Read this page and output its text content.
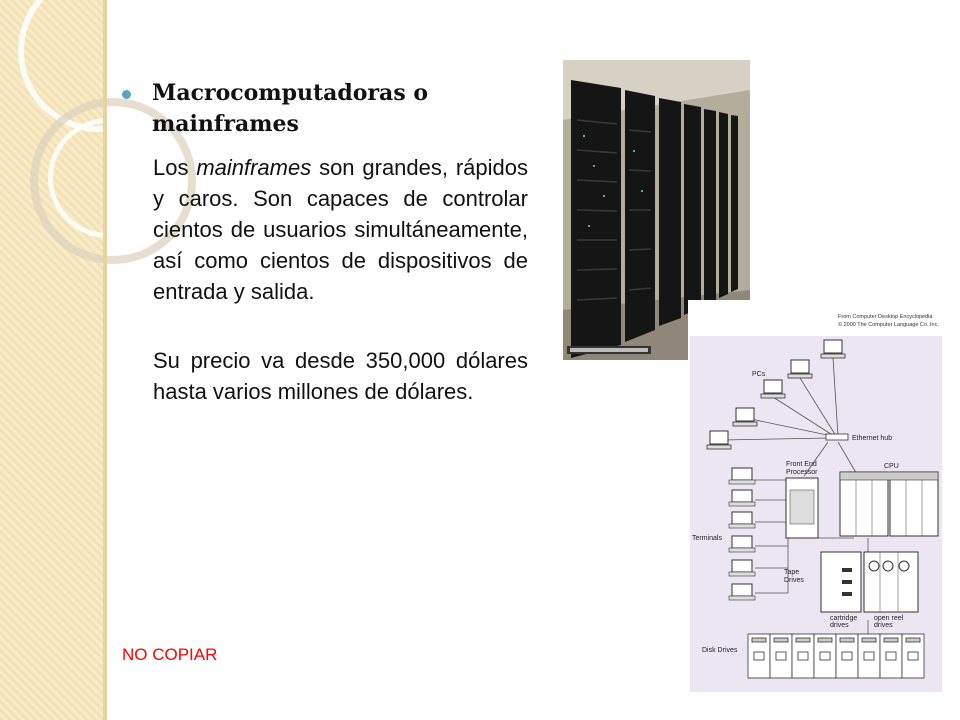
Macrocomputadoras o mainframes
Los mainframes son grandes, rápidos y caros. Son capaces de controlar cientos de usuarios simultáneamente, así como cientos de dispositivos de entrada y salida.
Su precio va desde 350,000 dólares hasta varios millones de dólares.
NO COPIAR
From Computer Desktop Encyclopedia
© 2000 The Computer Language Co. Inc.
PCs
Ethernet hub
Front End
Processor
CPU
Terminals
Tape
Drives
cartridge
drives
open reel
drives
Disk Drives
